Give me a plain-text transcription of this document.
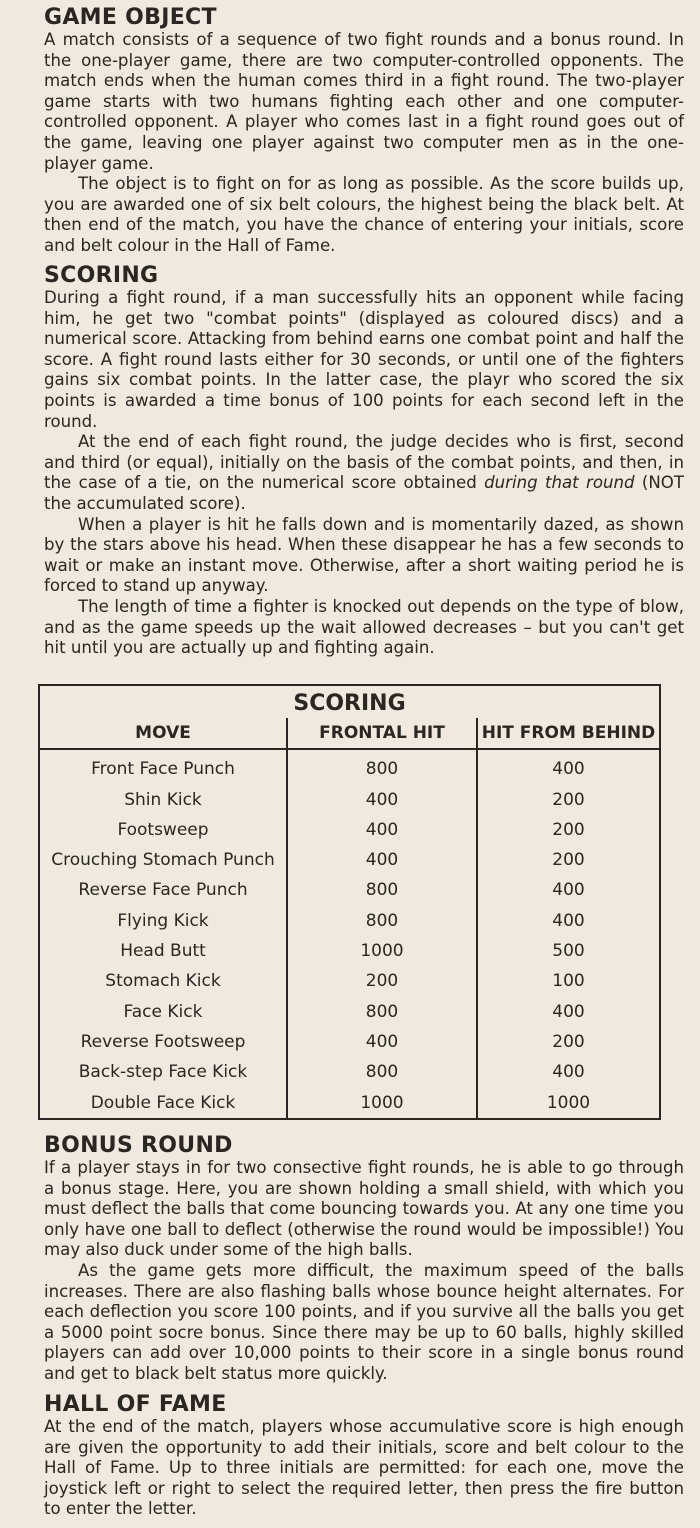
GAME OBJECT

A match consists of a sequence of two fight rounds and a bonus round. In the one-player game, there are two computer-controlled opponents. The match ends when the human comes third in a fight round. The two-player game starts with two humans fighting each other and one computer-controlled opponent. A player who comes last in a fight round goes out of the game, leaving one player against two computer men as in the one-player game.

The object is to fight on for as long as possible. As the score builds up, you are awarded one of six belt colours, the highest being the black belt. At then end of the match, you have the chance of entering your initials, score and belt colour in the Hall of Fame.

SCORING

During a fight round, if a man successfully hits an opponent while facing him, he get two "combat points" (displayed as coloured discs) and a numerical score. Attacking from behind earns one combat point and half the score. A fight round lasts either for 30 seconds, or until one of the fighters gains six combat points. In the latter case, the playr who scored the six points is awarded a time bonus of 100 points for each second left in the round.

At the end of each fight round, the judge decides who is first, second and third (or equal), initially on the basis of the combat points, and then, in the case of a tie, on the numerical score obtained during that round (NOT the accumulated score).

When a player is hit he falls down and is momentarily dazed, as shown by the stars above his head. When these disappear he has a few seconds to wait or make an instant move. Otherwise, after a short waiting period he is forced to stand up anyway.

The length of time a fighter is knocked out depends on the type of blow, and as the game speeds up the wait allowed decreases – but you can't get hit until you are actually up and fighting again.

SCORING		
MOVE	FRONTAL HIT	HIT FROM BEHIND
Front Face Punch	800	400
Shin Kick	400	200
Footsweep	400	200
Crouching Stomach Punch	400	200
Reverse Face Punch	800	400
Flying Kick	800	400
Head Butt	1000	500
Stomach Kick	200	100
Face Kick	800	400
Reverse Footsweep	400	200
Back-step Face Kick	800	400
Double Face Kick	1000	1000
BONUS ROUND

If a player stays in for two consective fight rounds, he is able to go through a bonus stage. Here, you are shown holding a small shield, with which you must deflect the balls that come bouncing towards you. At any one time you only have one ball to deflect (otherwise the round would be impossible!) You may also duck under some of the high balls.

As the game gets more difficult, the maximum speed of the balls increases. There are also flashing balls whose bounce height alternates. For each deflection you score 100 points, and if you survive all the balls you get a 5000 point socre bonus. Since there may be up to 60 balls, highly skilled players can add over 10,000 points to their score in a single bonus round and get to black belt status more quickly.

HALL OF FAME

At the end of the match, players whose accumulative score is high enough are given the opportunity to add their initials, score and belt colour to the Hall of Fame. Up to three initials are permitted: for each one, move the joystick left or right to select the required letter, then press the fire button to enter the letter.
